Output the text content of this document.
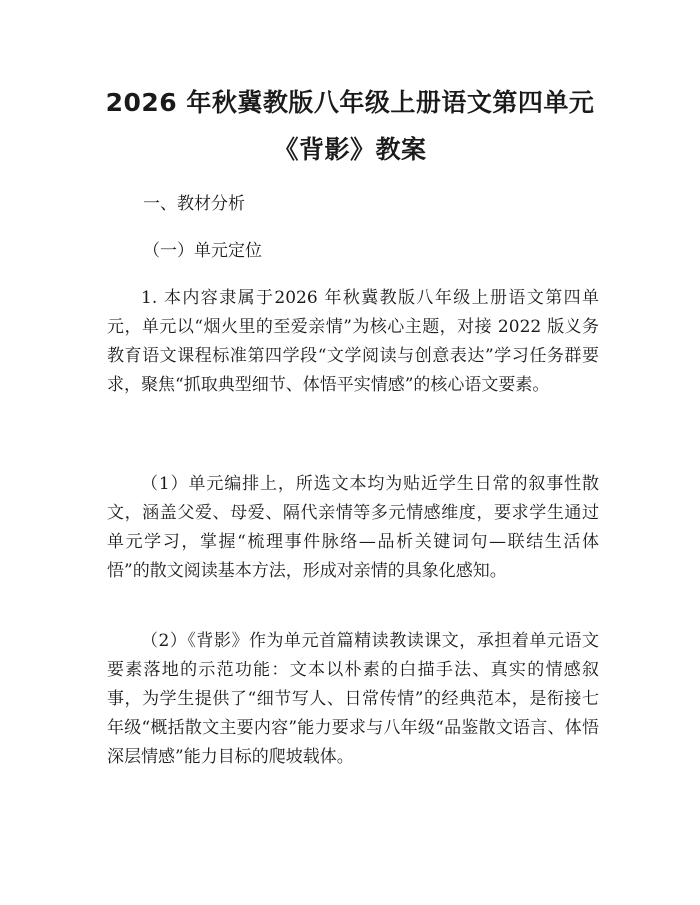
2026 年秋冀教版八年级上册语文第四单元
《背影》教案
一、教材分析
（一）单元定位

1. 本内容隶属于2026 年秋冀教版八年级上册语文第四单元，单元以“烟火里的至爱亲情”为核心主题，对接 2022 版义务教育语文课程标准第四学段“文学阅读与创意表达”学习任务群要求，聚焦“抓取典型细节、体悟平实情感”的核心语文要素。

（1）单元编排上，所选文本均为贴近学生日常的叙事性散文，涵盖父爱、母爱、隔代亲情等多元情感维度，要求学生通过单元学习，掌握“梳理事件脉络—品析关键词句—联结生活体悟”的散文阅读基本方法，形成对亲情的具象化感知。

（2）《背影》作为单元首篇精读教读课文，承担着单元语文要素落地的示范功能：文本以朴素的白描手法、真实的情感叙事，为学生提供了“细节写人、日常传情”的经典范本，是衔接七年级“概括散文主要内容”能力要求与八年级“品鉴散文语言、体悟深层情感”能力目标的爬坡载体。
